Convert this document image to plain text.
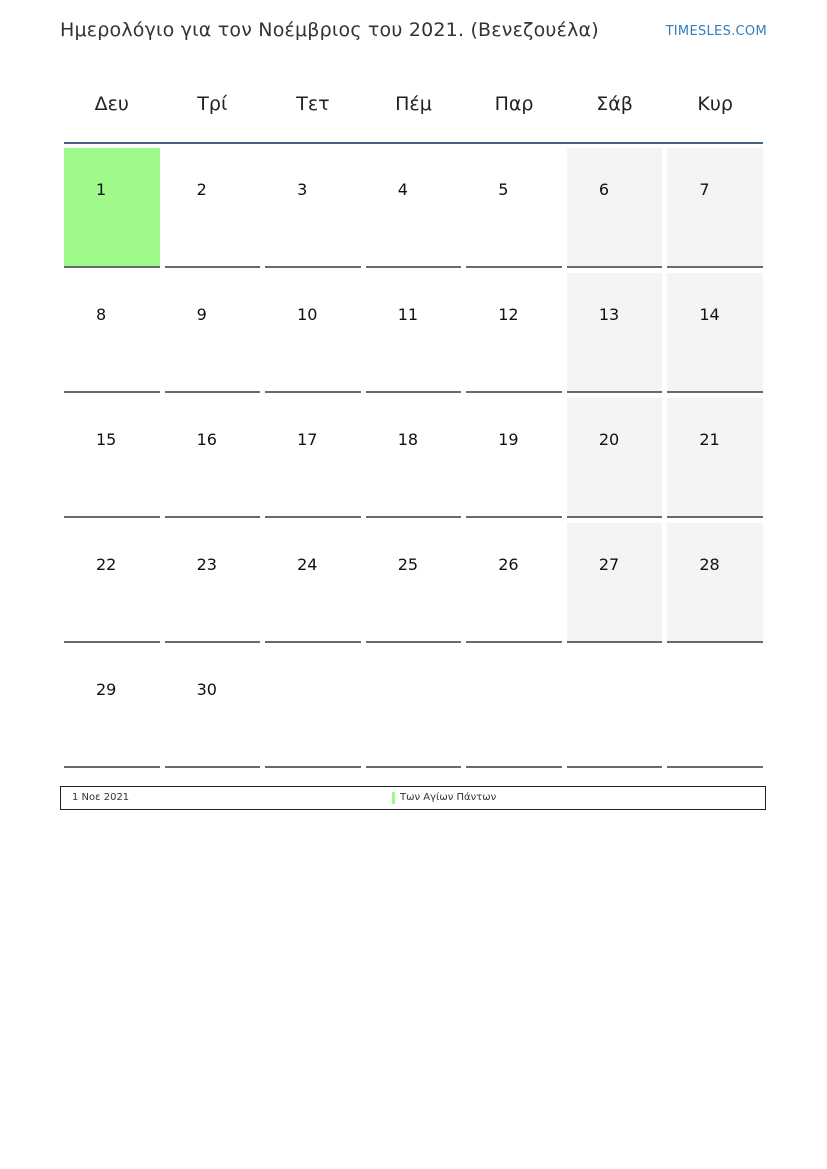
Ημερολόγιο για τον Νοέμβριος του 2021. (Βενεζουέλα)	TIMESLES.COM
Δευ	Τρί	Τετ	Πέμ	Παρ	Σάβ	Κυρ
1	2	3	4	5	6	7
8	9	10	11	12	13	14
15	16	17	18	19	20	21
22	23	24	25	26	27	28
29	30
1 Νοε 2021	Των Αγίων Πάντων
